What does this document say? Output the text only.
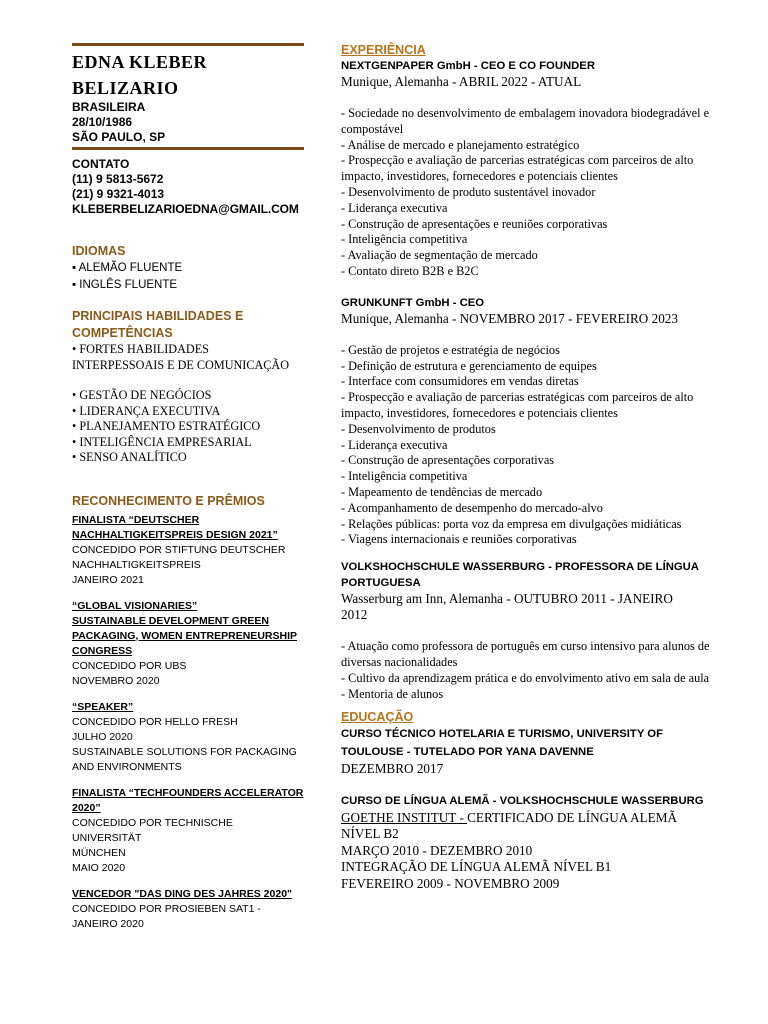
EDNA KLEBER
BELIZARIO
BRASILEIRA
28/10/1986
SÃO PAULO, SP
CONTATO
(11) 9 5813-5672
(21) 9 9321-4013
KLEBERBELIZARIOEDNA@GMAIL.COM
IDIOMAS
▪ ALEMÃO FLUENTE
▪ INGLÊS FLUENTE
PRINCIPAIS HABILIDADES E
COMPETÊNCIAS
• FORTES HABILIDADES
INTERPESSOAIS E DE COMUNICAÇÃO
• GESTÃO DE NEGÓCIOS
• LIDERANÇA EXECUTIVA
• PLANEJAMENTO ESTRATÉGICO
• INTELIGÊNCIA EMPRESARIAL
• SENSO ANALÍTICO
RECONHECIMENTO E PRÊMIOS
FINALISTA “DEUTSCHER
NACHHALTIGKEITSPREIS DESIGN 2021”
CONCEDIDO POR STIFTUNG DEUTSCHER
NACHHALTIGKEITSPREIS
JANEIRO 2021
“GLOBAL VISIONARIES”
SUSTAINABLE DEVELOPMENT GREEN
PACKAGING, WOMEN ENTREPRENEURSHIP
CONGRESS
CONCEDIDO POR UBS
NOVEMBRO 2020
“SPEAKER”
CONCEDIDO POR HELLO FRESH
JULHO 2020
SUSTAINABLE SOLUTIONS FOR PACKAGING
AND ENVIRONMENTS
FINALISTA “TECHFOUNDERS ACCELERATOR
2020”
CONCEDIDO POR TECHNISCHE UNIVERSITÄT
MÜNCHEN
MAIO 2020
VENCEDOR "DAS DING DES JAHRES 2020"
CONCEDIDO POR PROSIEBEN SAT1 -
JANEIRO 2020
EXPERIÊNCIA
NEXTGENPAPER GmbH - CEO E CO FOUNDER
Munique, Alemanha - ABRIL 2022 - ATUAL
- Sociedade no desenvolvimento de embalagem inovadora biodegradável e compostável
- Análise de mercado e planejamento estratégico
- Prospecção e avaliação de parcerias estratégicas com parceiros de alto impacto, investidores, fornecedores e potenciais clientes
- Desenvolvimento de produto sustentável inovador
- Liderança executiva
- Construção de apresentações e reuniões corporativas
- Inteligência competitiva
- Avaliação de segmentação de mercado
- Contato direto B2B e B2C
GRUNKUNFT GmbH - CEO
Munique, Alemanha - NOVEMBRO 2017 - FEVEREIRO 2023
- Gestão de projetos e estratégia de negócios
- Definição de estrutura e gerenciamento de equipes
- Interface com consumidores em vendas diretas
- Prospecção e avaliação de parcerias estratégicas com parceiros de alto impacto, investidores, fornecedores e potenciais clientes
- Desenvolvimento de produtos
- Liderança executiva
- Construção de apresentações corporativas
- Inteligência competitiva
- Mapeamento de tendências de mercado
- Acompanhamento de desempenho do mercado-alvo
- Relações públicas: porta voz da empresa em divulgações midiáticas
- Viagens internacionais e reuniões corporativas
VOLKSHOCHSCHULE WASSERBURG - PROFESSORA DE LÍNGUA
PORTUGUESA
Wasserburg am Inn, Alemanha - OUTUBRO 2011 - JANEIRO
2012
- Atuação como professora de português em curso intensivo para alunos de diversas nacionalidades
- Cultivo da aprendizagem prática e do envolvimento ativo em sala de aula
- Mentoria de alunos
EDUCAÇÃO
CURSO TÉCNICO HOTELARIA E TURISMO, UNIVERSITY OF
TOULOUSE - TUTELADO POR YANA DAVENNE
DEZEMBRO 2017
CURSO DE LÍNGUA ALEMÃ - VOLKSHOCHSCHULE WASSERBURG
GOETHE INSTITUT - CERTIFICADO DE LÍNGUA ALEMÃ
NÍVEL B2
MARÇO 2010 - DEZEMBRO 2010
INTEGRAÇÃO DE LÍNGUA ALEMÃ NÍVEL B1
FEVEREIRO 2009 - NOVEMBRO 2009
